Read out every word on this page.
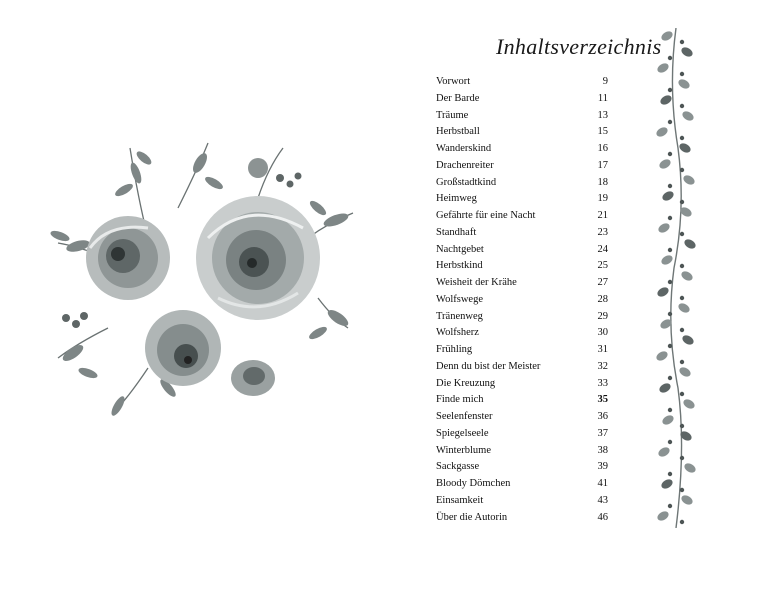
Inhaltsverzeichnis
Vorwort	9
Der Barde	11
Träume	13
Herbstball	15
Wanderskind	16
Drachenreiter	17
Großstadtkind	18
Heimweg	19
Gefährte für eine Nacht	21
Standhaft	23
Nachtgebet	24
Herbstkind	25
Weisheit der Krähe	27
Wolfswege	28
Tränenweg	29
Wolfsherz	30
Frühling	31
Denn du bist der Meister	32
Die Kreuzung	33
Finde mich	35
Seelenfenster	36
Spiegelseele	37
Winterblume	38
Sackgasse	39
Bloody Dömchen	41
Einsamkeit	43
Über die Autorin	46
